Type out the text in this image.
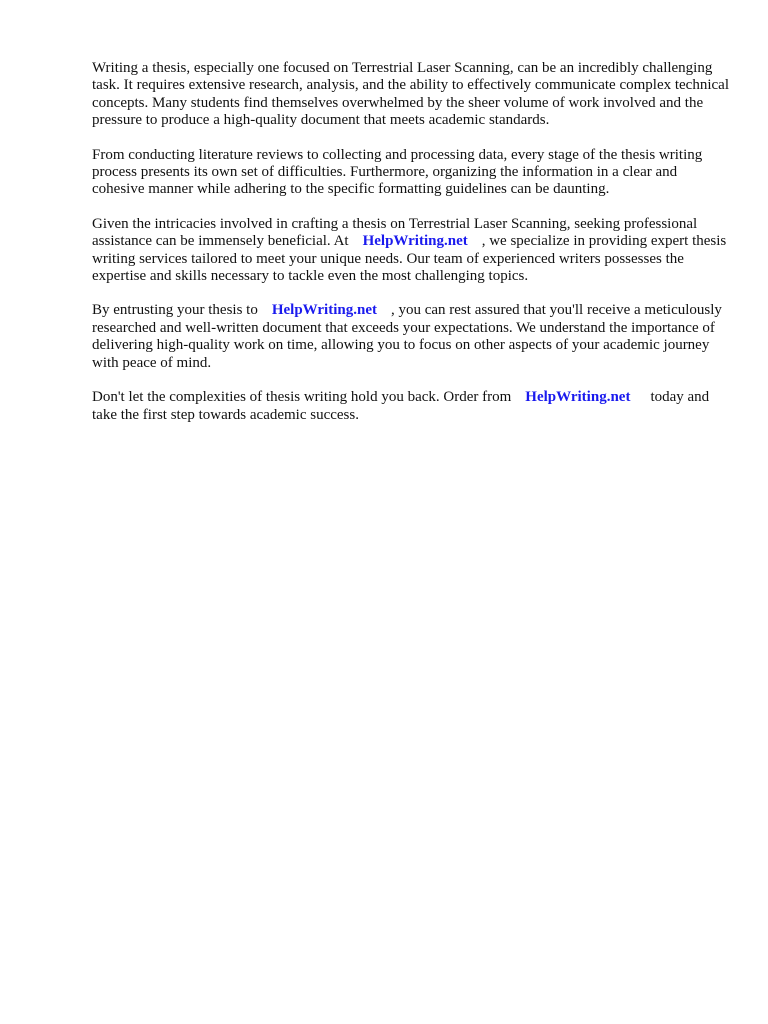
Writing a thesis, especially one focused on Terrestrial Laser Scanning, can be an incredibly challenging task. It requires extensive research, analysis, and the ability to effectively communicate complex technical concepts. Many students find themselves overwhelmed by the sheer volume of work involved and the pressure to produce a high-quality document that meets academic standards.

From conducting literature reviews to collecting and processing data, every stage of the thesis writing process presents its own set of difficulties. Furthermore, organizing the information in a clear and cohesive manner while adhering to the specific formatting guidelines can be daunting.

Given the intricacies involved in crafting a thesis on Terrestrial Laser Scanning, seeking professional assistance can be immensely beneficial. At HelpWriting.net , we specialize in providing expert thesis writing services tailored to meet your unique needs. Our team of experienced writers possesses the expertise and skills necessary to tackle even the most challenging topics.

By entrusting your thesis to HelpWriting.net , you can rest assured that you'll receive a meticulously researched and well-written document that exceeds your expectations. We understand the importance of delivering high-quality work on time, allowing you to focus on other aspects of your academic journey with peace of mind.

Don't let the complexities of thesis writing hold you back. Order from HelpWriting.net today and take the first step towards academic success.
